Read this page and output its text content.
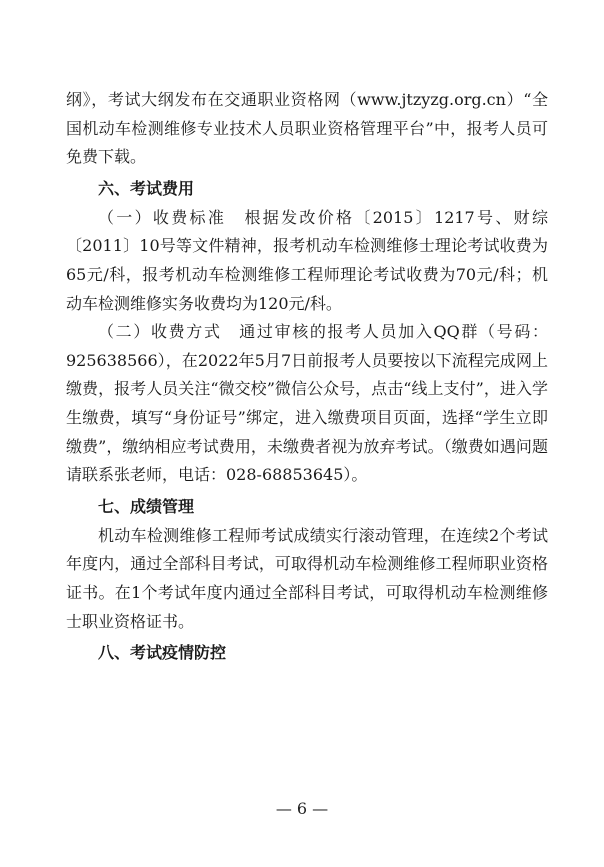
纲》，考试大纲发布在交通职业资格网（www.jtzyzg.org.cn）“全国机动车检测维修专业技术人员职业资格管理平台”中，报考人员可免费下载。

六、考试费用

（一）收费标准　根据发改价格〔2015〕1217号、财综〔2011〕10号等文件精神，报考机动车检测维修士理论考试收费为65元/科，报考机动车检测维修工程师理论考试收费为70元/科；机动车检测维修实务收费均为120元/科。

（二）收费方式　通过审核的报考人员加入QQ群（号码：925638566），在2022年5月7日前报考人员要按以下流程完成网上缴费，报考人员关注“微交校”微信公众号，点击“线上支付”，进入学生缴费，填写“身份证号”绑定，进入缴费项目页面，选择“学生立即缴费”，缴纳相应考试费用，未缴费者视为放弃考试。（缴费如遇问题请联系张老师，电话：028-68853645）。

七、成绩管理

机动车检测维修工程师考试成绩实行滚动管理，在连续2个考试年度内，通过全部科目考试，可取得机动车检测维修工程师职业资格证书。在1个考试年度内通过全部科目考试，可取得机动车检测维修士职业资格证书。

八、考试疫情防控

— 6 —
